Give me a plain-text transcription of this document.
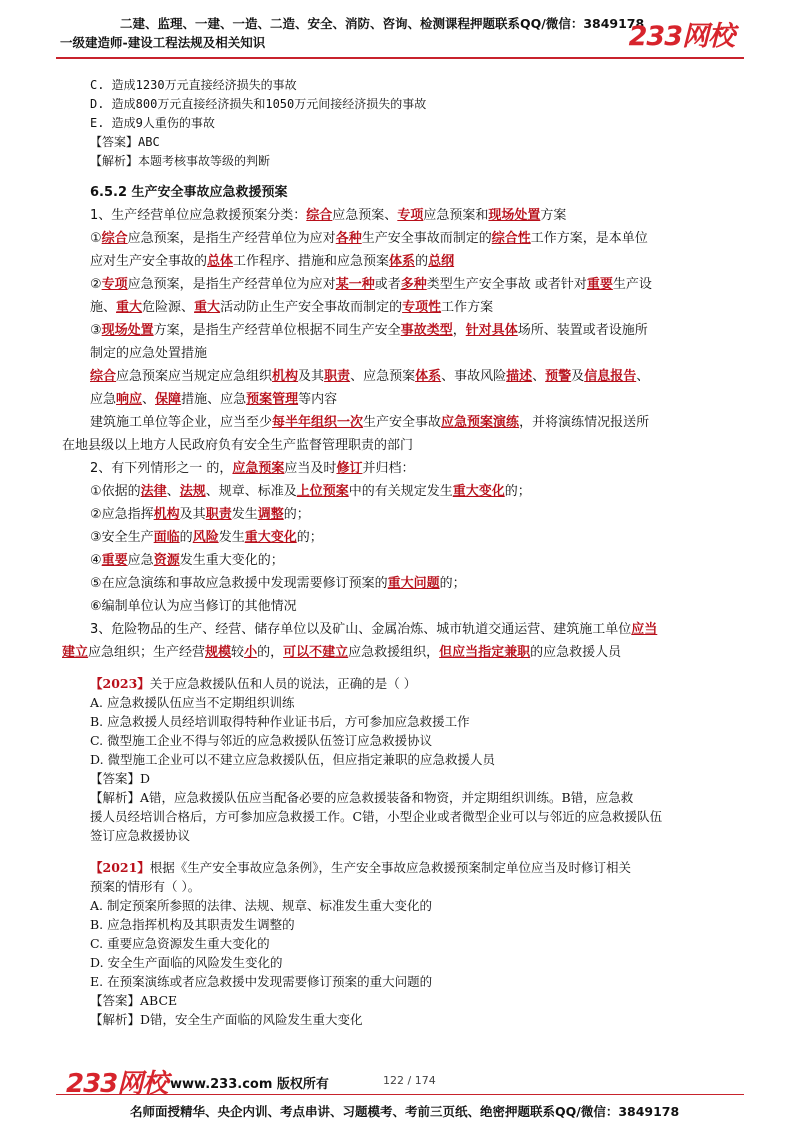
二建、监理、一建、一造、二造、安全、消防、咨询、检测课程押题联系QQ/微信：3849178
一级建造师-建设工程法规及相关知识	233网校
C. 造成1230万元直接经济损失的事故
D. 造成800万元直接经济损失和1050万元间接经济损失的事故
E. 造成9人重伤的事故
【答案】ABC
【解析】本题考核事故等级的判断
6.5.2 生产安全事故应急救援预案
1、生产经营单位应急救援预案分类：综合应急预案、专项应急预案和现场处置方案
①综合应急预案，是指生产经营单位为应对各种生产安全事故而制定的综合性工作方案，是本单位
应对生产安全事故的总体工作程序、措施和应急预案体系的总纲
②专项应急预案，是指生产经营单位为应对某一种或者多种类型生产安全事故 或者针对重要生产设
施、重大危险源、重大活动防止生产安全事故而制定的专项性工作方案
③现场处置方案，是指生产经营单位根据不同生产安全事故类型，针对具体场所、装置或者设施所
制定的应急处置措施
综合应急预案应当规定应急组织机构及其职责、应急预案体系、事故风险描述、预警及信息报告、
应急响应、保障措施、应急预案管理等内容
建筑施工单位等企业，应当至少每半年组织一次生产安全事故应急预案演练，并将演练情况报送所
在地县级以上地方人民政府负有安全生产监督管理职责的部门
2、有下列情形之一 的，应急预案应当及时修订并归档：
①依据的法律、法规、规章、标准及上位预案中的有关规定发生重大变化的；
②应急指挥机构及其职责发生调整的；
③安全生产面临的风险发生重大变化的；
④重要应急资源发生重大变化的；
⑤在应急演练和事故应急救援中发现需要修订预案的重大问题的；
⑥编制单位认为应当修订的其他情况
3、危险物品的生产、经营、储存单位以及矿山、金属冶炼、城市轨道交通运营、建筑施工单位应当
建立应急组织；生产经营规模较小的，可以不建立应急救援组织，但应当指定兼职的应急救援人员
【2023】关于应急救援队伍和人员的说法，正确的是（ ）
A. 应急救援队伍应当不定期组织训练
B. 应急救援人员经培训取得特种作业证书后，方可参加应急救援工作
C. 微型施工企业不得与邻近的应急救援队伍签订应急救援协议
D. 微型施工企业可以不建立应急救援队伍，但应指定兼职的应急救援人员
【答案】D
【解析】A错，应急救援队伍应当配备必要的应急救援装备和物资，并定期组织训练。B错，应急救
援人员经培训合格后，方可参加应急救援工作。C错，小型企业或者微型企业可以与邻近的应急救援队伍
签订应急救援协议
【2021】根据《生产安全事故应急条例》，生产安全事故应急救援预案制定单位应当及时修订相关
预案的情形有（ ）。
A. 制定预案所参照的法律、法规、规章、标准发生重大变化的
B. 应急指挥机构及其职责发生调整的
C. 重要应急资源发生重大变化的
D. 安全生产面临的风险发生变化的
E. 在预案演练或者应急救援中发现需要修订预案的重大问题的
【答案】ABCE
【解析】D错，安全生产面临的风险发生重大变化
233网校 www.233.com 版权所有	122 / 174
名师面授精华、央企内训、考点串讲、习题模考、考前三页纸、绝密押题联系QQ/微信：3849178
